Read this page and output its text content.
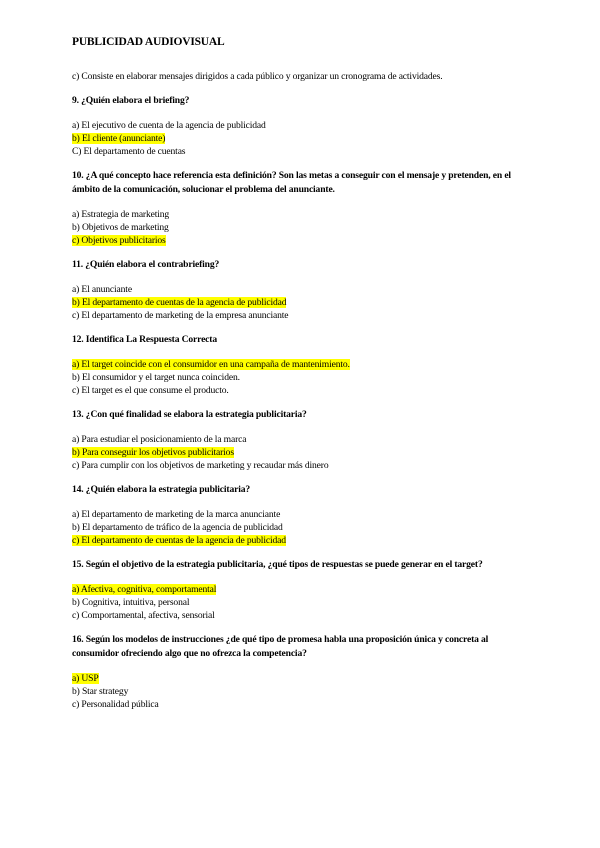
PUBLICIDAD AUDIOVISUAL
c) Consiste en elaborar mensajes dirigidos a cada público y organizar un cronograma de actividades.
9. ¿Quién elabora el briefing?
a) El ejecutivo de cuenta de la agencia de publicidad
b) El cliente (anunciante)
C) El departamento de cuentas
10. ¿A qué concepto hace referencia esta definición? Son las metas a conseguir con el mensaje y pretenden, en el ámbito de la comunicación, solucionar el problema del anunciante.
a) Estrategia de marketing
b) Objetivos de marketing
c) Objetivos publicitarios
11. ¿Quién elabora el contrabriefing?
a) El anunciante
b) El departamento de cuentas de la agencia de publicidad
c) El departamento de marketing de la empresa anunciante
12. Identifica La Respuesta Correcta
a) El target coincide con el consumidor en una campaña de mantenimiento.
b) El consumidor y el target nunca coinciden.
c) El target es el que consume el producto.
13. ¿Con qué finalidad se elabora la estrategia publicitaria?
a) Para estudiar el posicionamiento de la marca
b) Para conseguir los objetivos publicitarios
c) Para cumplir con los objetivos de marketing y recaudar más dinero
14. ¿Quién elabora la estrategia publicitaria?
a) El departamento de marketing de la marca anunciante
b) El departamento de tráfico de la agencia de publicidad
c) El departamento de cuentas de la agencia de publicidad
15. Según el objetivo de la estrategia publicitaria, ¿qué tipos de respuestas se puede generar en el target?
a) Afectiva, cognitiva, comportamental
b) Cognitiva, intuitiva, personal
c) Comportamental, afectiva, sensorial
16. Según los modelos de instrucciones ¿de qué tipo de promesa habla una proposición única y concreta al consumidor ofreciendo algo que no ofrezca la competencia?
a) USP
b) Star strategy
c) Personalidad pública
